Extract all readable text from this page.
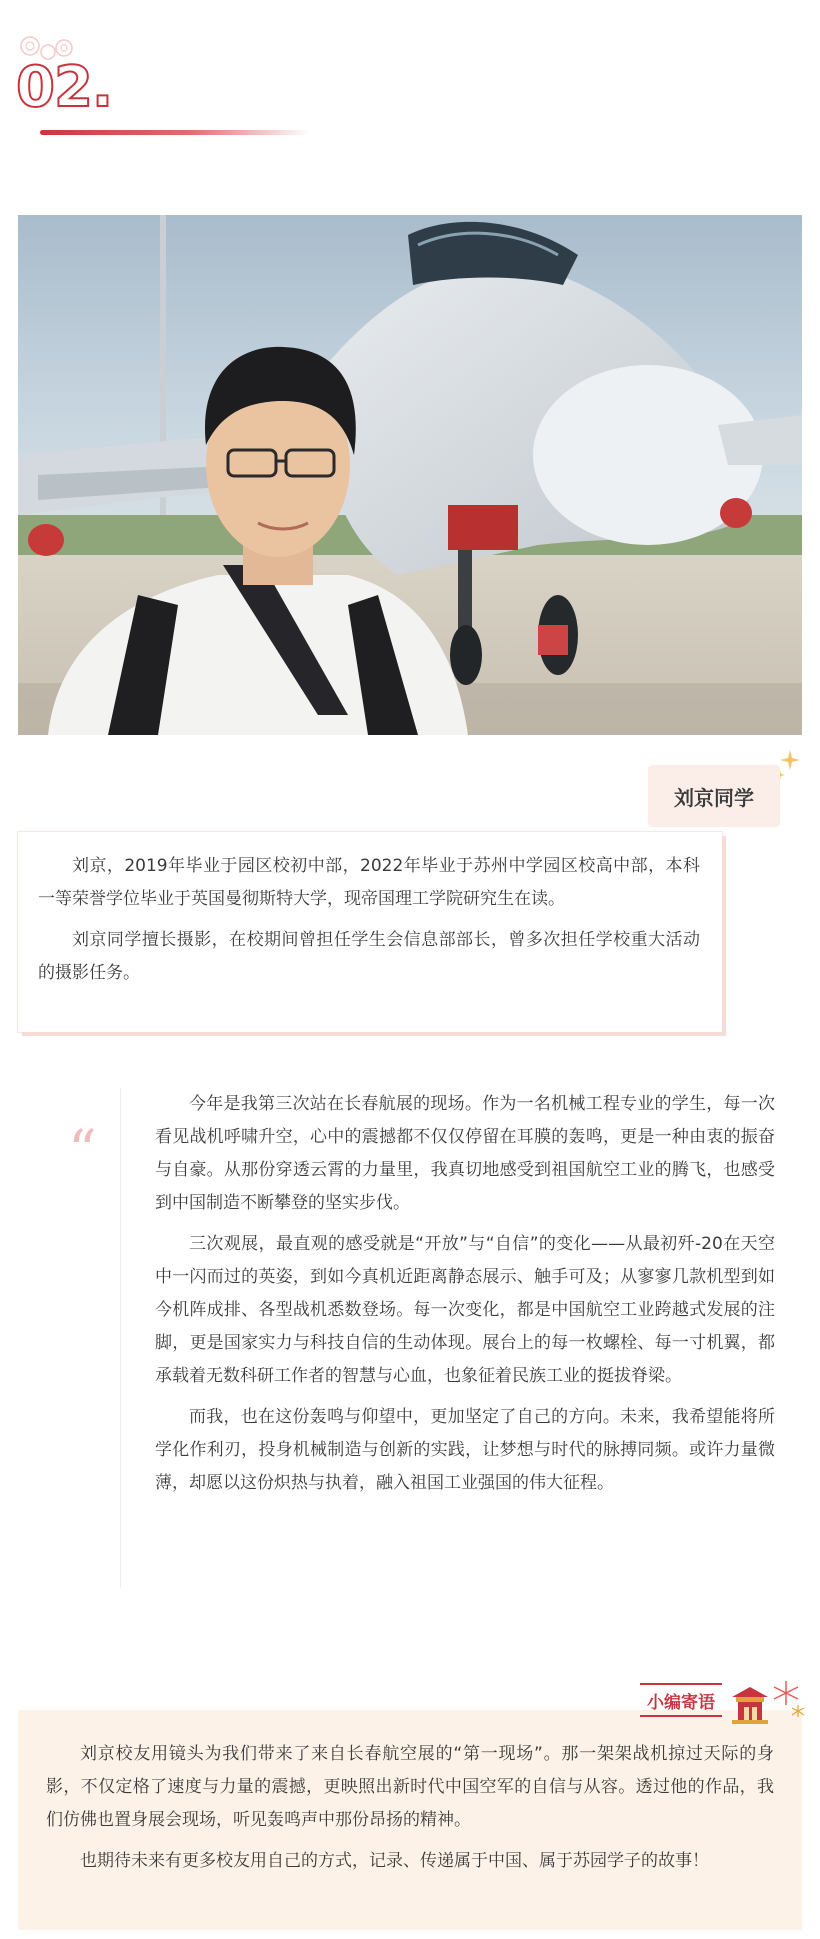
02.
刘京同学

刘京，2019年毕业于园区校初中部，2022年毕业于苏州中学园区校高中部，本科一等荣誉学位毕业于英国曼彻斯特大学，现帝国理工学院研究生在读。

刘京同学擅长摄影，在校期间曾担任学生会信息部部长，曾多次担任学校重大活动的摄影任务。

“

今年是我第三次站在长春航展的现场。作为一名机械工程专业的学生，每一次看见战机呼啸升空，心中的震撼都不仅仅停留在耳膜的轰鸣，更是一种由衷的振奋与自豪。从那份穿透云霄的力量里，我真切地感受到祖国航空工业的腾飞，也感受到中国制造不断攀登的坚实步伐。

三次观展，最直观的感受就是“开放”与“自信”的变化——从最初歼-20在天空中一闪而过的英姿，到如今真机近距离静态展示、触手可及；从寥寥几款机型到如今机阵成排、各型战机悉数登场。每一次变化，都是中国航空工业跨越式发展的注脚，更是国家实力与科技自信的生动体现。展台上的每一枚螺栓、每一寸机翼，都承载着无数科研工作者的智慧与心血，也象征着民族工业的挺拔脊梁。

而我，也在这份轰鸣与仰望中，更加坚定了自己的方向。未来，我希望能将所学化作利刃，投身机械制造与创新的实践，让梦想与时代的脉搏同频。或许力量微薄，却愿以这份炽热与执着，融入祖国工业强国的伟大征程。

刘京校友用镜头为我们带来了来自长春航空展的“第一现场”。那一架架战机掠过天际的身影，不仅定格了速度与力量的震撼，更映照出新时代中国空军的自信与从容。透过他的作品，我们仿佛也置身展会现场，听见轰鸣声中那份昂扬的精神。

也期待未来有更多校友用自己的方式，记录、传递属于中国、属于苏园学子的故事！

小编寄语
